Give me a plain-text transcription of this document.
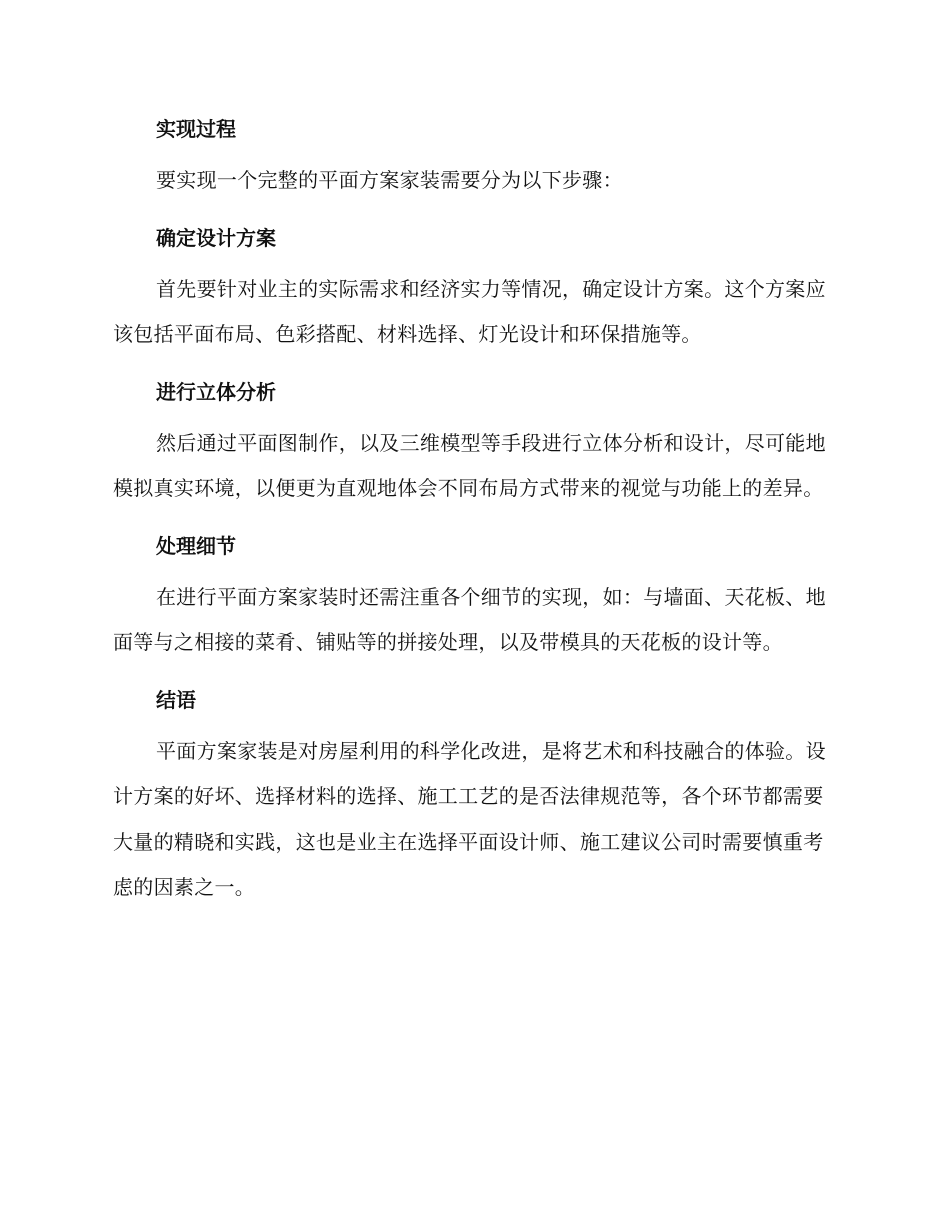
实现过程

要实现一个完整的平面方案家装需要分为以下步骤：

确定设计方案

首先要针对业主的实际需求和经济实力等情况，确定设计方案。这个方案应该包括平面布局、色彩搭配、材料选择、灯光设计和环保措施等。

进行立体分析

然后通过平面图制作，以及三维模型等手段进行立体分析和设计，尽可能地模拟真实环境，以便更为直观地体会不同布局方式带来的视觉与功能上的差异。

处理细节

在进行平面方案家装时还需注重各个细节的实现，如：与墙面、天花板、地面等与之相接的菜肴、铺贴等的拼接处理，以及带模具的天花板的设计等。

结语

平面方案家装是对房屋利用的科学化改进，是将艺术和科技融合的体验。设计方案的好坏、选择材料的选择、施工工艺的是否法律规范等，各个环节都需要大量的精晓和实践，这也是业主在选择平面设计师、施工建议公司时需要慎重考虑的因素之一。
